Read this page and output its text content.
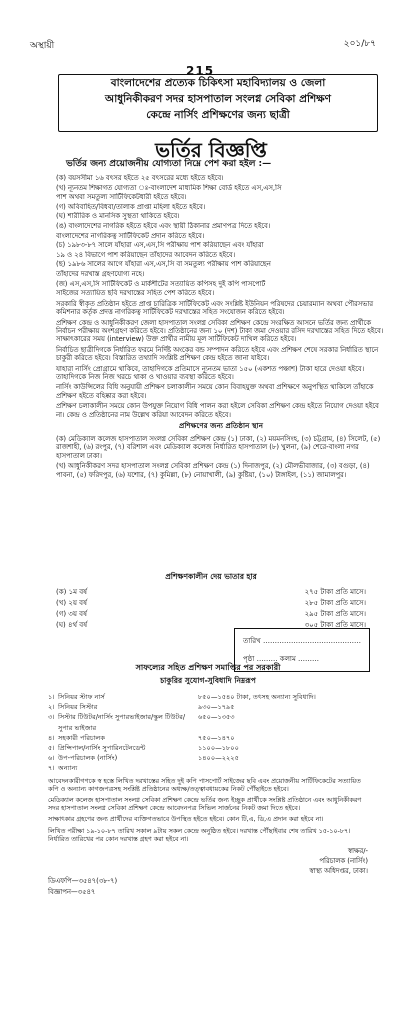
অস্থায়ী	২০১/৮৭
215
বাংলাদেশের প্রত্যেক চিকিৎসা মহাবিদ্যালয় ও জেলা
আধুনিকীকরণ সদর হাসপাতাল সংলগ্ন সেবিকা প্রশিক্ষণ
কেন্দ্রে নার্সিং প্রশিক্ষণের জন্য ছাত্রী
ভর্তির বিজ্ঞপ্তি
ভর্তির জন্য প্রয়োজনীয় যোগ্যতা নিম্নে পেশ করা হইল :—
(ক) বয়সসীমা ১৬ বৎসর হইতে ২৫ বৎসরের মধ্যে হইতে হইবে।
(খ) ন্যূনতম শিক্ষাগত যোগ্যতা ঃ-বাংলাদেশ মাধ্যমিক শিক্ষা বোর্ড হইতে এস,এস,সি
পাশ অথবা সমতুল্য সার্টিফিকেটধারী হইতে হইবে।
(গ) অবিবাহিত/বিধবা/তালাক প্রাপ্তা মহিলা হইতে হইবে।
(ঘ) শারীরিক ও মানসিক সুস্থতা থাকিতে হইবে।
(ঙ) বাংলাদেশের নাগরিক হইতে হইবে এবং স্থায়ী ঠিকানার প্রমাণপত্র দিতে হইবে।
বাংলাদেশের নাগরিকত্ব সার্টিফিকেট প্রদান করিতে হইবে।
(চ) ১৯৮৩-৮৭ সালে যাঁহারা এস,এস,সি পরীক্ষায় পাশ করিয়াছেন এবং যাঁহারা
১৯ ও ২৪ বিভাগে পাশ করিয়াছেন তাঁহাদের আবেদন করিতে হইবে।
(ছ) ১৯৮৬ সালের আগে যাঁহারা এস,এস,সি বা সমতুল্য পরীক্ষায় পাশ করিয়াছেন
তাঁহাদের দরখাস্ত গ্রহণযোগ্য নহে।
(জ) এস,এস,সি সার্টিফিকেট ও মার্কশীটের সত্যায়িত কপিসহ দুই কপি পাসপোর্ট
সাইজের সত্যায়িত ছবি দরখাস্তের সহিত পেশ করিতে হইবে।

সরকারি স্বীকৃত প্রতিষ্ঠান হইতে প্রাপ্ত চারিত্রিক সার্টিফিকেট এবং সংশ্লিষ্ট ইউনিয়ন পরিষদের চেয়ারম্যান অথবা পৌরসভার কমিশনার কর্তৃক প্রদত্ত নাগরিকত্ব সার্টিফিকেট দরখাস্তের সহিত সংযোজন করিতে হইবে।

প্রশিক্ষণ কেন্দ্র ও আধুনিকীকরণ জেলা হাসপাতাল সংলগ্ন সেবিকা প্রশিক্ষণ কেন্দ্রে সংরক্ষিত আসনে ভর্তির জন্য প্রার্থীকে নির্বাচন পরীক্ষায় অংশগ্রহণ করিতে হইবে। প্রতিষ্ঠানের জন্য ১০ (দশ) টাকা জমা দেওয়ার রসিদ দরখাস্তের সহিত দিতে হইবে। সাক্ষাৎকারের সময় (interview) উক্ত প্রার্থীর নামীয় মূল সার্টিফিকেট দাখিল করিতে হইবে।

নির্বাচিত ছাত্রীদিগকে নির্ধারিত ফরমে নির্দিষ্ট অংকের বন্ড সম্পাদন করিতে হইবে এবং প্রশিক্ষণ শেষে সরকার নির্ধারিত স্থানে চাকুরী করিতে হইবে। বিস্তারিত তথ্যাদি সংশ্লিষ্ট প্রশিক্ষণ কেন্দ্র হইতে জানা যাইবে।

যাহারা নার্সিং প্রোগ্রামে থাকিবে, তাহাদিগকে প্রতিমাসে ন্যূনতম ভাতা ১৫০ (একশত পঞ্চাশ) টাকা হারে দেওয়া হইবে। তাহাদিগকে নিজ নিজ খরচে থাকা ও খাওয়ার ব্যবস্থা করিতে হইবে।

নার্সিং কাউন্সিলের বিধি অনুযায়ী প্রশিক্ষণ চলাকালীন সময়ে কোন বিবাহযুক্ত অথবা প্রশিক্ষণে অনুপস্থিত থাকিলে তাঁহাকে প্রশিক্ষণ হইতে বহিষ্কার করা হইবে।

প্রশিক্ষণ চলাকালীন সময়ে কোন উপযুক্ত নিয়োগ বিধি পালন করা হইলে সেবিকা প্রশিক্ষণ কেন্দ্র হইতে নিয়োগ দেওয়া হইবে না। কেন্দ্র ও প্রতিষ্ঠানের নাম উল্লেখ করিয়া আবেদন করিতে হইবে।

প্রশিক্ষণের জন্য প্রতিষ্ঠান স্থান

(ক) মেডিক্যাল কলেজ হাসপাতাল সংলগ্ন সেবিকা প্রশিক্ষণ কেন্দ্র (১) ঢাকা, (২) ময়মনসিংহ, (৩) চট্টগ্রাম, (৪) সিলেট, (৫) রাজশাহী, (৬) রংপুর, (৭) বরিশাল এবং মেডিক্যাল কলেজ নির্ধারিত হাসপাতাল (৮) খুলনা, (৯) শেরে-বাংলা নগর হাসপাতাল ঢাকা।

(খ) আধুনিকীকরণ সদর হাসপাতাল সংলগ্ন সেবিকা প্রশিক্ষণ কেন্দ্র (১) দিনাজপুর, (২) মৌলভীবাজার, (৩) বগুড়া, (৪) পাবনা, (৫) ফরিদপুর, (৬) যশোর, (৭) কুমিল্লা, (৮) নোয়াখালী, (৯) কুষ্টিয়া, (১০) টাঙ্গাইল, (১১) জামালপুর।

প্রশিক্ষণকালীন দেয় ভাতার হার
(ক) ১ম বর্ষ	২৭৫ টাকা প্রতি মাসে।
(খ) ২য় বর্ষ	২৮৫ টাকা প্রতি মাসে।
(গ) ৩য় বর্ষ	২৯৫ টাকা প্রতি মাসে।
(ঘ) ৪র্থ বর্ষ	৩০৫ টাকা প্রতি মাসে।
তারিখ ……………………………………
পৃষ্ঠা ……… কলাম ………
সাফল্যের সহিত প্রশিক্ষণ সমাপ্তির পর সরকারী
চাকুরির সুযোগ-সুবিধাদি নিম্নরূপ
১। সিনিয়র স্টাফ নার্স	৮৫০—১৫৪০ টাকা, তৎসহ অন্যান্য সুবিধাদি।
২। সিনিয়র সিস্টার	৯৩০—১৭৯৫
৩। সিস্টার টিউটর/নার্সিং সুপারভাইজার/স্কুল টিউটর/সুপার ভাইজার
৬৫০—১৩৫৩
৪। সহকারী পরিচালক	৭৫০—১৪৭০
৫। প্রিন্সিপাল/নার্সিং সুপারিনটেনডেন্ট	১১০০—১৮০০
৬। উপ-পরিচালক (নার্সিং)	১৪০০—২২২৫
৭। অন্যান্য

আবেদনকারীগণকে স্ব হস্তে লিখিত দরখাস্তের সহিত দুই কপি পাসপোর্ট সাইজের ছবি এবং প্রয়োজনীয় সার্টিফিকেটের সত্যায়িত কপি ও অন্যান্য কাগজপত্রসহ সংশ্লিষ্ট প্রতিষ্ঠানের অধ্যক্ষ/তত্ত্বাবধায়কের নিকট পৌঁছাইতে হইবে।

মেডিক্যাল কলেজ হাসপাতাল সংলগ্ন সেবিকা প্রশিক্ষণ কেন্দ্রে ভর্তির জন্য ইচ্ছুক প্রার্থীকে সংশ্লিষ্ট প্রতিষ্ঠানে এবং আধুনিকীকরণ সদর হাসপাতাল সংলগ্ন সেবিকা প্রশিক্ষণ কেন্দ্রে আবেদনপত্র সিভিল সার্জনের নিকট জমা দিতে হইবে।

সাক্ষাৎকার গ্রহণের জন্য প্রার্থীদের ব্যক্তিগতভাবে উপস্থিত হইতে হইবে। কোন টি,এ, ডি,এ প্রদান করা হইবে না।

লিখিত পরীক্ষা ১৯-১০-৮৭ তারিখ সকাল ৯টায় সকল কেন্দ্রে অনুষ্ঠিত হইবে। দরখাস্ত পৌঁছাইবার শেষ তারিখ ১৫-১০-৮৭। নির্ধারিত তারিখের পর কোন দরখাস্ত গ্রহণ করা হইবে না।

স্বাক্ষর/-
পরিচালক (নার্সিং)
স্বাস্থ্য অধিদপ্তর, ঢাকা।
ডিএফপি—৩৫৪৭(৩৮-৭)
বিজ্ঞাপন—৩৫৪৭
